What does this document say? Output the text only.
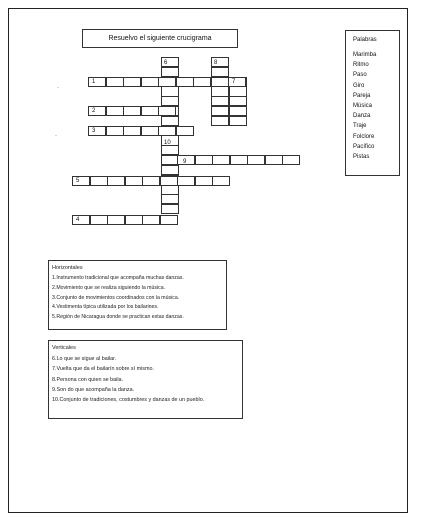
Resuelvo el siguiente crucigrama	Palabras
Marimba
Ritmo
Paso
Giro
Pareja
Música
Danza
Traje
Folclore
Pacífico
Pistas
6	8
1	7
2
3
10
9
5
4
·
·
Horizontales
1.Instrumento tradicional que acompaña muchas danzas.
2.Movimiento que se realiza siguiendo la música.
3.Conjunto de movimientos coordinados con la música.
4.Vestimenta típica utilizada por los bailarines.
5.Región de Nicaragua donde se practican estas danzas.
Verticales
6.Lo que se sigue al bailar.
7.Vuelta que da el bailarín sobre sí mismo.
8.Persona con quien se baila.
9.Son do que acompaña la danza.
10.Conjunto de tradiciones, costumbres y danzas de un pueblo.
